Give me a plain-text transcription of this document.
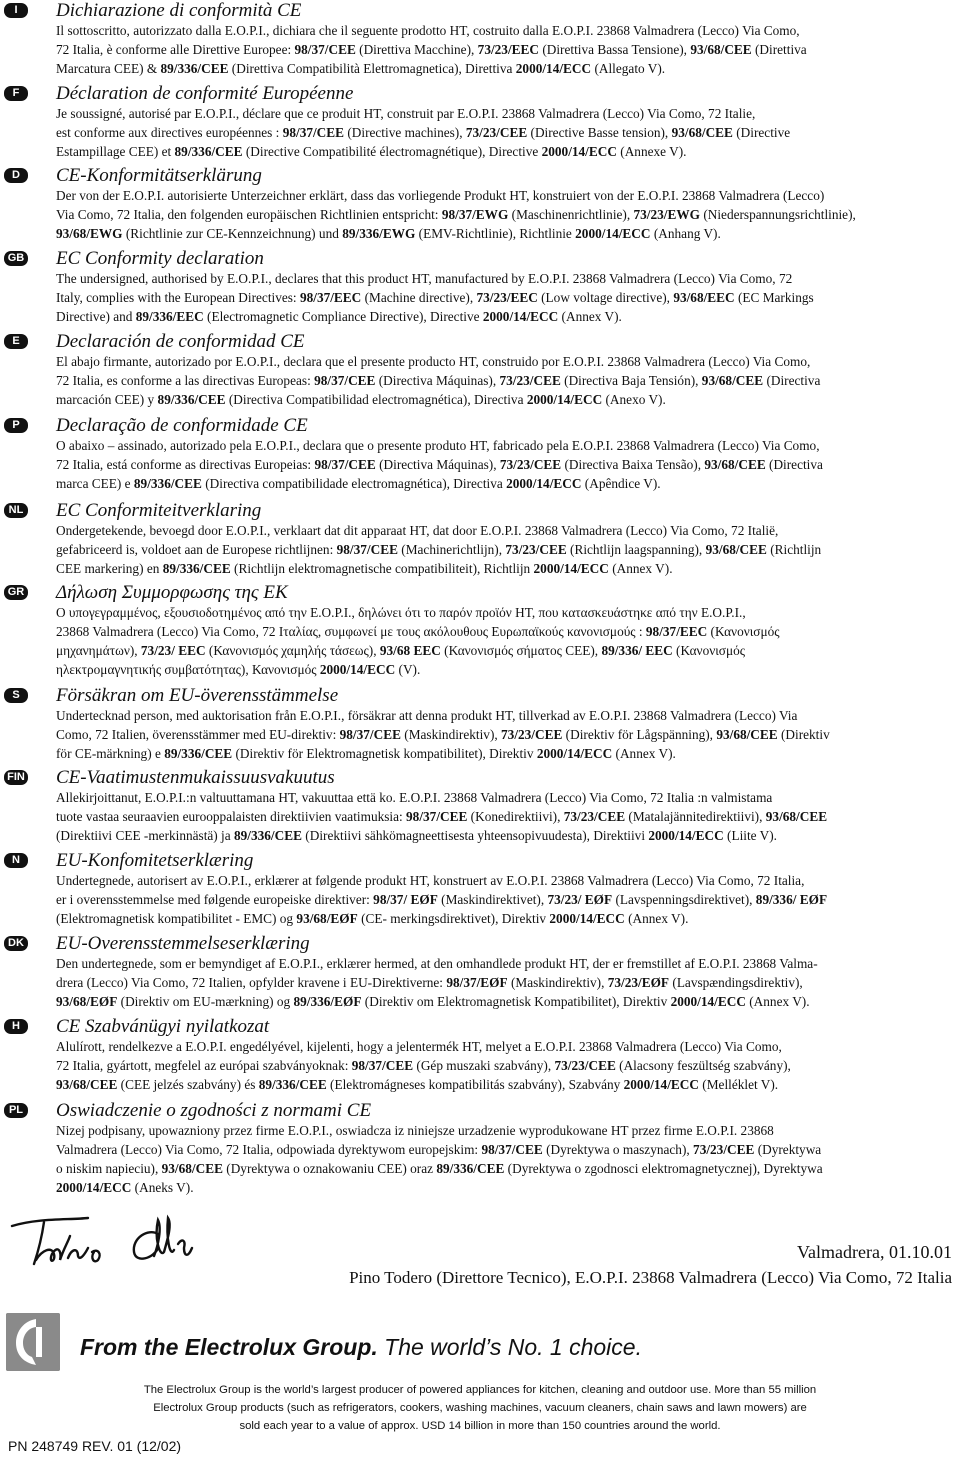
I	Dichiarazione di conformità CE
Il sottoscritto, autorizzato dalla E.O.P.I., dichiara che il seguente prodotto HT, costruito dalla E.O.P.I. 23868 Valmadrera (Lecco) Via Como,
72 Italia, è conforme alle Direttive Europee: 98/37/CEE (Direttiva Macchine), 73/23/EEC (Direttiva Bassa Tensione), 93/68/CEE (Direttiva
Marcatura CEE) & 89/336/CEE (Direttiva Compatibilità Elettromagnetica), Direttiva 2000/14/ECC (Allegato V).
F	Déclaration de conformité Européenne
Je soussigné, autorisé par E.O.P.I., déclare que ce produit HT, construit par E.O.P.I. 23868 Valmadrera (Lecco) Via Como, 72 Italie,
est conforme aux directives européennes : 98/37/CEE (Directive machines), 73/23/CEE (Directive Basse tension), 93/68/CEE (Directive
Estampillage CEE) et 89/336/CEE (Directive Compatibilité électromagnétique), Directive 2000/14/ECC (Annexe V).
D	CE-Konformitätserklärung
Der von der E.O.P.I. autorisierte Unterzeichner erklärt, dass das vorliegende Produkt HT, konstruiert von der E.O.P.I. 23868 Valmadrera (Lecco)
Via Como, 72 Italia, den folgenden europäischen Richtlinien entspricht: 98/37/EWG (Maschinenrichtlinie), 73/23/EWG (Niederspannungsrichtlinie),
93/68/EWG (Richtlinie zur CE-Kennzeichnung) und 89/336/EWG (EMV-Richtlinie), Richtlinie 2000/14/ECC (Anhang V).
GB EC Conformity declaration
The undersigned, authorised by E.O.P.I., declares that this product HT, manufactured by E.O.P.I. 23868 Valmadrera (Lecco) Via Como, 72
Italy, complies with the European Directives: 98/37/EEC (Machine directive), 73/23/EEC (Low voltage directive), 93/68/EEC (EC Markings
Directive) and 89/336/EEC (Electromagnetic Compliance Directive), Directive 2000/14/ECC (Annex V).
E	Declaración de conformidad CE
El abajo firmante, autorizado por E.O.P.I., declara que el presente producto HT, construido por E.O.P.I. 23868 Valmadrera (Lecco) Via Como,
72 Italia, es conforme a las directivas Europeas: 98/37/CEE (Directiva Máquinas), 73/23/CEE (Directiva Baja Tensión), 93/68/CEE (Directiva
marcación CEE) y 89/336/CEE (Directiva Compatibilidad electromagnética), Directiva 2000/14/ECC (Anexo V).
P	Declaração de conformidade CE
O abaixo – assinado, autorizado pela E.O.P.I., declara que o presente produto HT, fabricado pela E.O.P.I. 23868 Valmadrera (Lecco) Via Como,
72 Italia, está conforme as directivas Europeias: 98/37/CEE (Directiva Máquinas), 73/23/CEE (Directiva Baixa Tensão), 93/68/CEE (Directiva
marca CEE) e 89/336/CEE (Directiva compatibilidade electromagnética), Directiva 2000/14/ECC (Apêndice V).
NL EC Conformiteitverklaring
Ondergetekende, bevoegd door E.O.P.I., verklaart dat dit apparaat HT, dat door E.O.P.I. 23868 Valmadrera (Lecco) Via Como, 72 Italië,
gefabriceerd is, voldoet aan de Europese richtlijnen: 98/37/CEE (Machinerichtlijn), 73/23/CEE (Richtlijn laagspanning), 93/68/CEE (Richtlijn
CEE markering) en 89/336/CEE (Richtlijn elektromagnetische compatibiliteit), Richtlijn 2000/14/ECC (Annex V).
GR Δήλωση Συμμορφωσης της ΕΚ
Ο υπογεγραμμένος, εξουσιοδοτημένος από την E.O.P.I., δηλώνει ότι το παρόν προϊόν HT, που κατασκευάστηκε από την E.O.P.I.,
23868 Valmadrera (Lecco) Via Como, 72 Ιταλίας, συμφωνεί με τους ακόλουθους Ευρωπαϊκούς κανονισμούς : 98/37/EEC (Κανονισμός
μηχανημάτων), 73/23/ EEC (Κανονισμός χαμηλής τάσεως), 93/68 EEC (Κανονισμός σήματος CEE), 89/336/ EEC (Κανονισμός
ηλεκτρομαγνητικής συμβατότητας), Κανονισμός 2000/14/ECC (V).
S	Försäkran om EU-överensstämmelse
Undertecknad person, med auktorisation från E.O.P.I., försäkrar att denna produkt HT, tillverkad av E.O.P.I. 23868 Valmadrera (Lecco) Via
Como, 72 Italien, överensstämmer med EU-direktiv: 98/37/CEE (Maskindirektiv), 73/23/CEE (Direktiv för Lågspänning), 93/68/CEE (Direktiv
för CE-märkning) e 89/336/CEE (Direktiv för Elektromagnetisk kompatibilitet), Direktiv 2000/14/ECC (Annex V).
FIN CE-Vaatimustenmukaissuusvakuutus
Allekirjoittanut, E.O.P.I.:n valtuuttamana HT, vakuuttaa että ko. E.O.P.I. 23868 Valmadrera (Lecco) Via Como, 72 Italia :n valmistama
tuote vastaa seuraavien eurooppalaisten direktiivien vaatimuksia: 98/37/CEE (Konedirektiivi), 73/23/CEE (Matalajännitedirektiivi), 93/68/CEE
(Direktiivi CEE -merkinnästä) ja 89/336/CEE (Direktiivi sähkömagneettisesta yhteensopivuudesta), Direktiivi 2000/14/ECC (Liite V).
N	EU-Konfomitetserklæring
Undertegnede, autorisert av E.O.P.I., erklærer at følgende produkt HT, konstruert av E.O.P.I. 23868 Valmadrera (Lecco) Via Como, 72 Italia,
er i overensstemmelse med følgende europeiske direktiver: 98/37/ EØF (Maskindirektivet), 73/23/ EØF (Lavspenningsdirektivet), 89/336/ EØF
(Elektromagnetisk kompatibilitet - EMC) og 93/68/EØF (CE- merkingsdirektivet), Direktiv 2000/14/ECC (Annex V).
DK EU-Overensstemmelseserklæring
Den undertegnede, som er bemyndiget af E.O.P.I., erklærer hermed, at den omhandlede produkt HT, der er fremstillet af E.O.P.I. 23868 Valma-
drera (Lecco) Via Como, 72 Italien, opfylder kravene i EU-Direktiverne: 98/37/EØF (Maskindirektiv), 73/23/EØF (Lavspændingsdirektiv),
93/68/EØF (Direktiv om EU-mærkning) og 89/336/EØF (Direktiv om Elektromagnetisk Kompatibilitet), Direktiv 2000/14/ECC (Annex V).
H	CE Szabvánügyi nyilatkozat
Alulírott, rendelkezve a E.O.P.I. engedélyével, kijelenti, hogy a jelentermék HT, melyet a E.O.P.I. 23868 Valmadrera (Lecco) Via Como,
72 Italia, gyártott, megfelel az európai szabványoknak: 98/37/CEE (Gép muszaki szabvány), 73/23/CEE (Alacsony feszültség szabvány),
93/68/CEE (CEE jelzés szabvány) és 89/336/CEE (Elektromágneses kompatibilitás szabvány), Szabvány 2000/14/ECC (Melléklet V).
PL Oswiadczenie o zgodności z normami CE
Nizej podpisany, upowazniony przez firme E.O.P.I., oswiadcza iz niniejsze urzadzenie wyprodukowane HT przez firme E.O.P.I. 23868
Valmadrera (Lecco) Via Como, 72 Italia, odpowiada dyrektywom europejskim: 98/37/CEE (Dyrektywa o maszynach), 73/23/CEE (Dyrektywa
o niskim napieciu), 93/68/CEE (Dyrektywa o oznakowaniu CEE) oraz 89/336/CEE (Dyrektywa o zgodnosci elektromagnetycznej), Dyrektywa
2000/14/ECC (Aneks V).
Valmadrera, 01.10.01
Pino Todero (Direttore Tecnico), E.O.P.I. 23868 Valmadrera (Lecco) Via Como, 72 Italia
From the Electrolux Group. The world’s No. 1 choice.
The Electrolux Group is the world’s largest producer of powered appliances for kitchen, cleaning and outdoor use. More than 55 million
Electrolux Group products (such as refrigerators, cookers, washing machines, vacuum cleaners, chain saws and lawn mowers) are
sold each year to a value of approx. USD 14 billion in more than 150 countries around the world.
PN 248749 REV. 01 (12/02)
